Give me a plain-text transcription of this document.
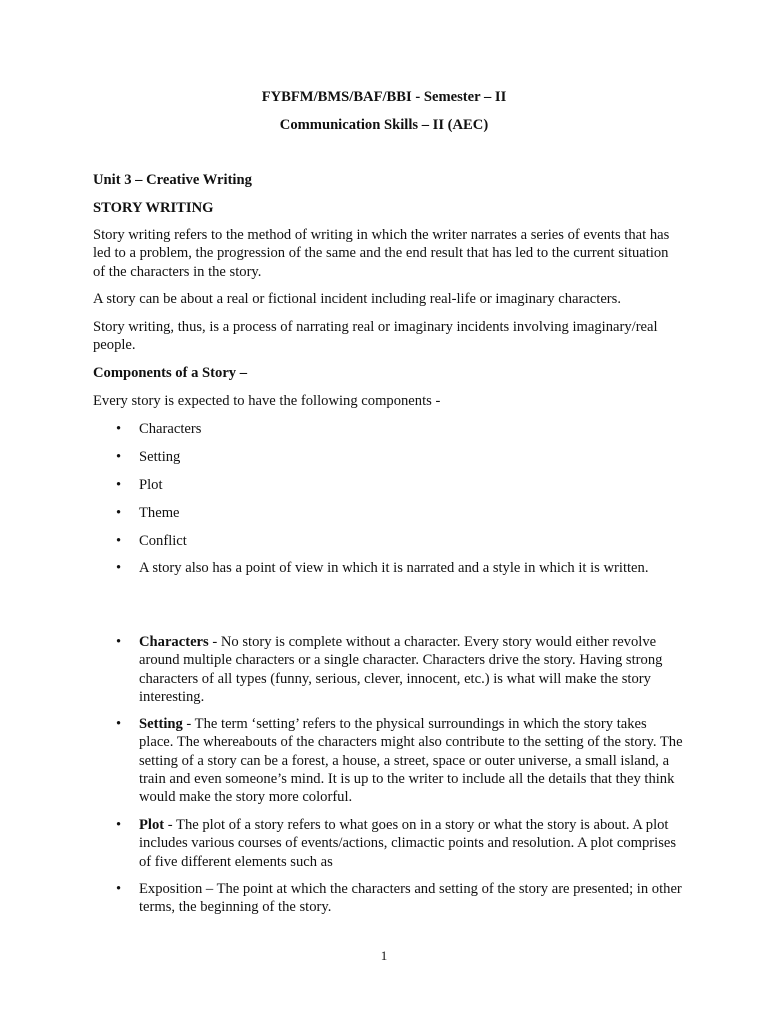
FYBFM/BMS/BAF/BBI - Semester – II
Communication Skills – II (AEC)
Unit 3 – Creative Writing
STORY WRITING
Story writing refers to the method of writing in which the writer narrates a series of events that has led to a problem, the progression of the same and the end result that has led to the current situation of the characters in the story.
A story can be about a real or fictional incident including real-life or imaginary characters.
Story writing, thus, is a process of narrating real or imaginary incidents involving imaginary/real people.
Components of a Story –
Every story is expected to have the following components -
•	Characters
•	Setting
•	Plot
•	Theme
•	Conflict
•	A story also has a point of view in which it is narrated and a style in which it is written.
•	Characters - No story is complete without a character. Every story would either revolve around multiple characters or a single character. Characters drive the story. Having strong characters of all types (funny, serious, clever, innocent, etc.) is what will make the story interesting.
•	Setting - The term ‘setting’ refers to the physical surroundings in which the story takes place. The whereabouts of the characters might also contribute to the setting of the story. The setting of a story can be a forest, a house, a street, space or outer universe, a small island, a train and even someone’s mind. It is up to the writer to include all the details that they think would make the story more colorful.
•	Plot - The plot of a story refers to what goes on in a story or what the story is about. A plot includes various courses of events/actions, climactic points and resolution. A plot comprises of five different elements such as
•	Exposition – The point at which the characters and setting of the story are presented; in other terms, the beginning of the story.
1
